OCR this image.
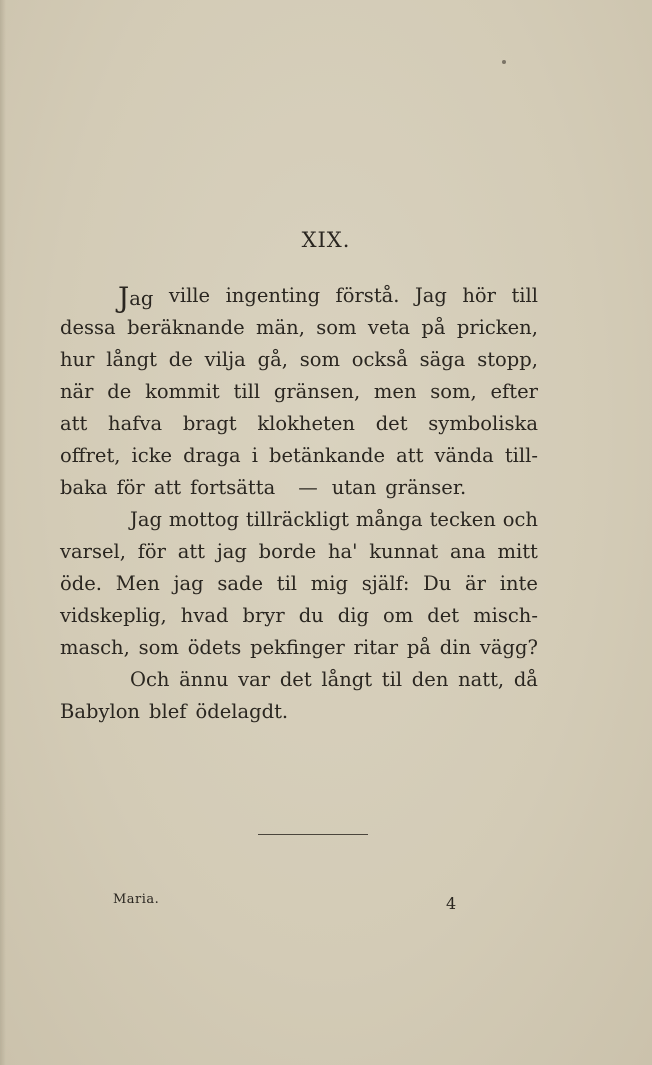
XIX.
Jag ville ingenting förstå. Jag hör till
dessa beräknande män, som veta på pricken,
hur långt de vilja gå, som också säga stopp,
när de kommit till gränsen, men som, efter
att hafva bragt klokheten det symboliska
offret, icke draga i betänkande att vända till-
baka för att fortsätta — utan gränser.
Jag mottog tillräckligt många tecken och
varsel, för att jag borde ha' kunnat ana mitt
öde. Men jag sade til mig själf: Du är inte
vidskeplig, hvad bryr du dig om det misch-
masch, som ödets pekfinger ritar på din vägg?
Och ännu var det långt til den natt, då
Babylon blef ödelagdt.
Maria.	4
